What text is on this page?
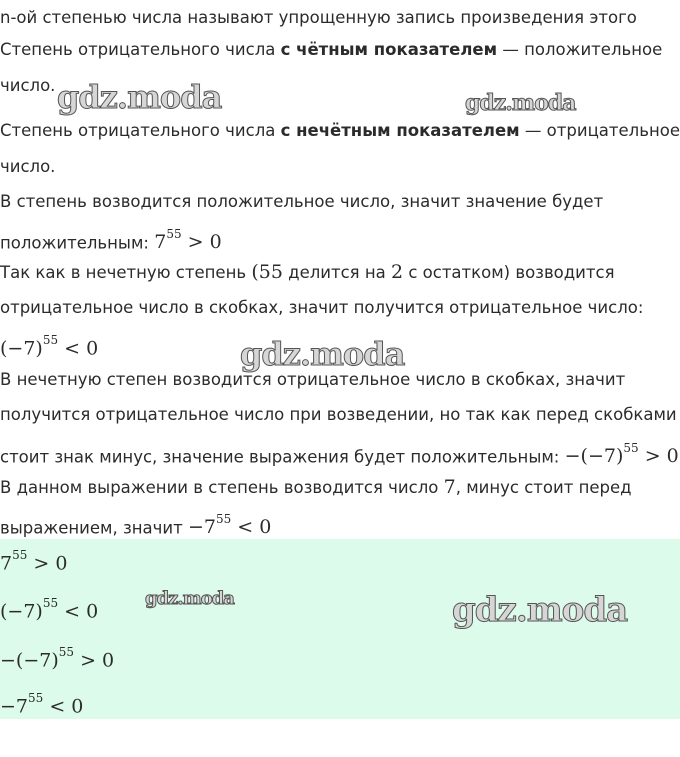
n-ой степенью числа называют упрощенную запись произведения этого
Степень отрицательного числа с чётным показателем — положительное
число.
Степень отрицательного числа с нечётным показателем — отрицательное
число.
В степень возводится положительное число, значит значение будет
положительным: $7^{55} > 0$
Так как в нечетную степень (55 делится на 2 с остатком) возводится
отрицательное число в скобках, значит получится отрицательное число:
$(-7)^{55} < 0$
В нечетную степен возводится отрицательное число в скобках, значит
получится отрицательное число при возведении, но так как перед скобками
стоит знак минус, значение выражения будет положительным: $-(-7)^{55} > 0$
В данном выражении в степень возводится число 7, минус стоит перед
выражением, значит $-7^{55} < 0$
$7^{55} > 0$
$(-7)^{55} < 0$
$-(-7)^{55} > 0$
$-7^{55} < 0$
gdz.moda	gdz.moda
gdz.moda
gdz.moda	gdz.moda
